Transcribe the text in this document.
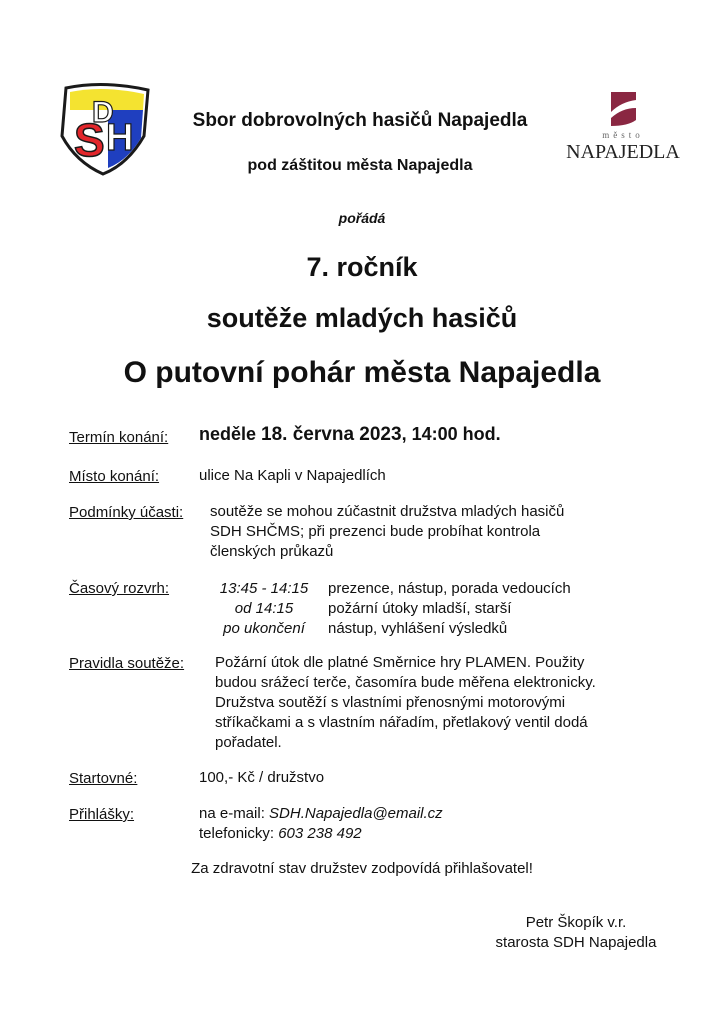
S H
D
město
NAPAJEDLA
Sbor dobrovolných hasičů Napajedla
pod záštitou města Napajedla
pořádá
7. ročník
soutěže mladých hasičů
O putovní pohár města Napajedla
Termín konání: neděle 18. června 2023, 14:00 hod.
Místo konání:	ulice Na Kapli v Napajedlích
Podmínky účasti: soutěže se mohou zúčastnit družstva mladých hasičů
SDH SHČMS; při prezenci bude probíhat kontrola
členských průkazů
Časový rozvrh:	13:45 - 14:15	prezence, nástup, porada vedoucích
od 14:15	požární útoky mladší, starší
po ukončení	nástup, vyhlášení výsledků
Pravidla soutěže: Požární útok dle platné Směrnice hry PLAMEN. Použity
budou srážecí terče, časomíra bude měřena elektronicky.
Družstva soutěží s vlastními přenosnými motorovými
stříkačkami a s vlastním nářadím, přetlakový ventil dodá
pořadatel.
Startovné:	100,- Kč / družstvo
Přihlášky:	na e-mail: SDH.Napajedla@email.cz
telefonicky: 603 238 492
Za zdravotní stav družstev zodpovídá přihlašovatel!
Petr Škopík v.r.
starosta SDH Napajedla
